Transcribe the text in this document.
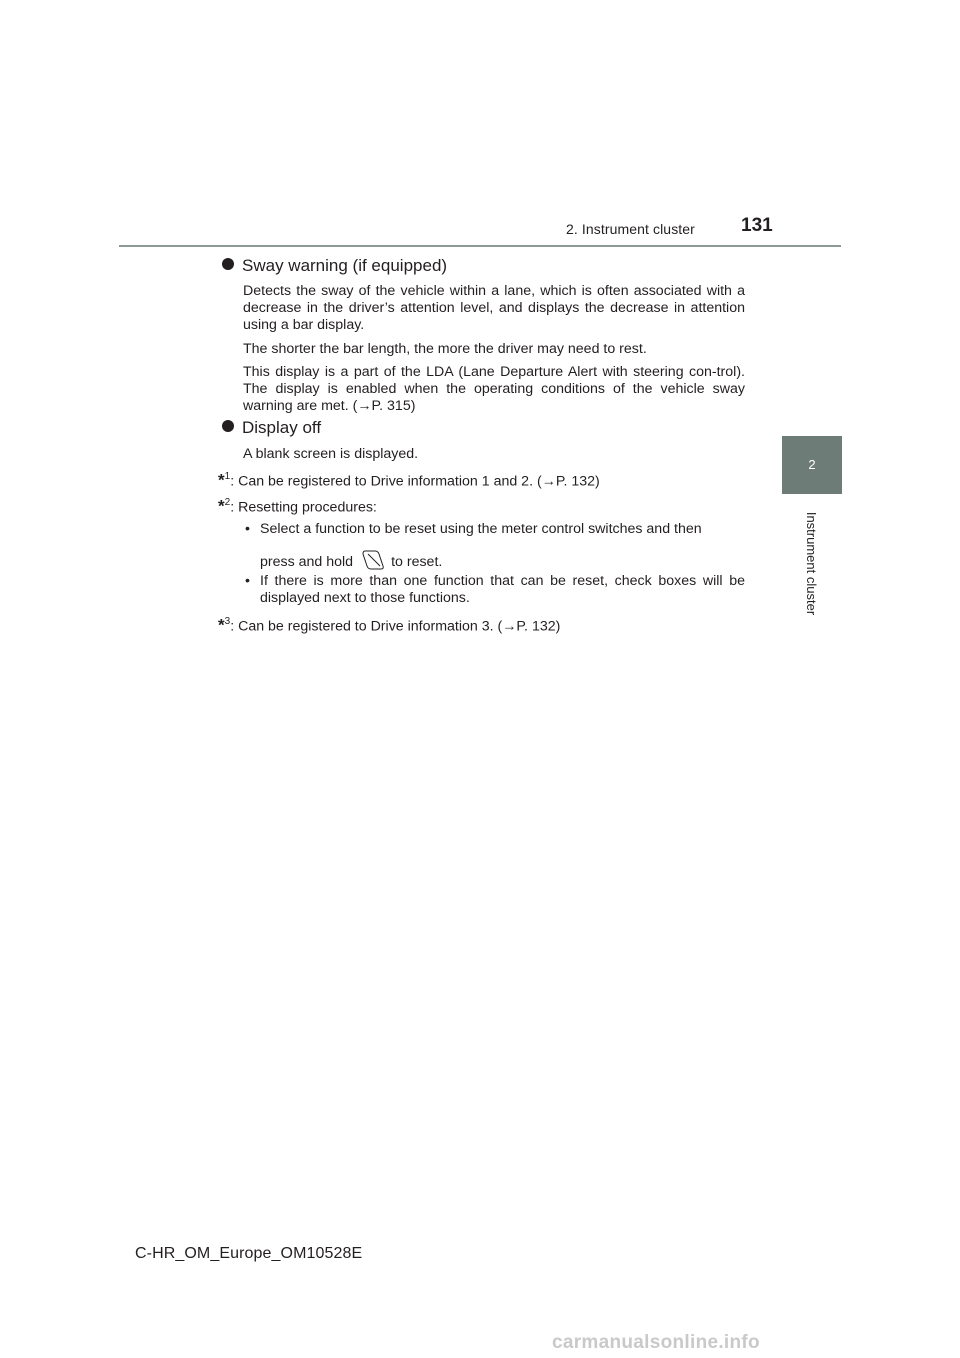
2. Instrument cluster 131
2
Instrument cluster
Sway warning (if equipped)
Detects the sway of the vehicle within a lane, which is often associated with a decrease in the driver’s attention level, and displays the decrease in attention using a bar display.
The shorter the bar length, the more the driver may need to rest.
This display is a part of the LDA (Lane Departure Alert with steering con-trol). The display is enabled when the operating conditions of the vehicle sway warning are met. (→P. 315)
Display off
A blank screen is displayed.
*$^1$: Can be registered to Drive information 1 and 2. (→P. 132)
*$^2$: Resetting procedures:
• Select a function to be reset using the meter control switches and then
press and hold	to reset.
• If there is more than one function that can be reset, check boxes will be displayed next to those functions.
*$^3$: Can be registered to Drive information 3. (→P. 132)
C-HR_OM_Europe_OM10528E
carmanualsonline.info
